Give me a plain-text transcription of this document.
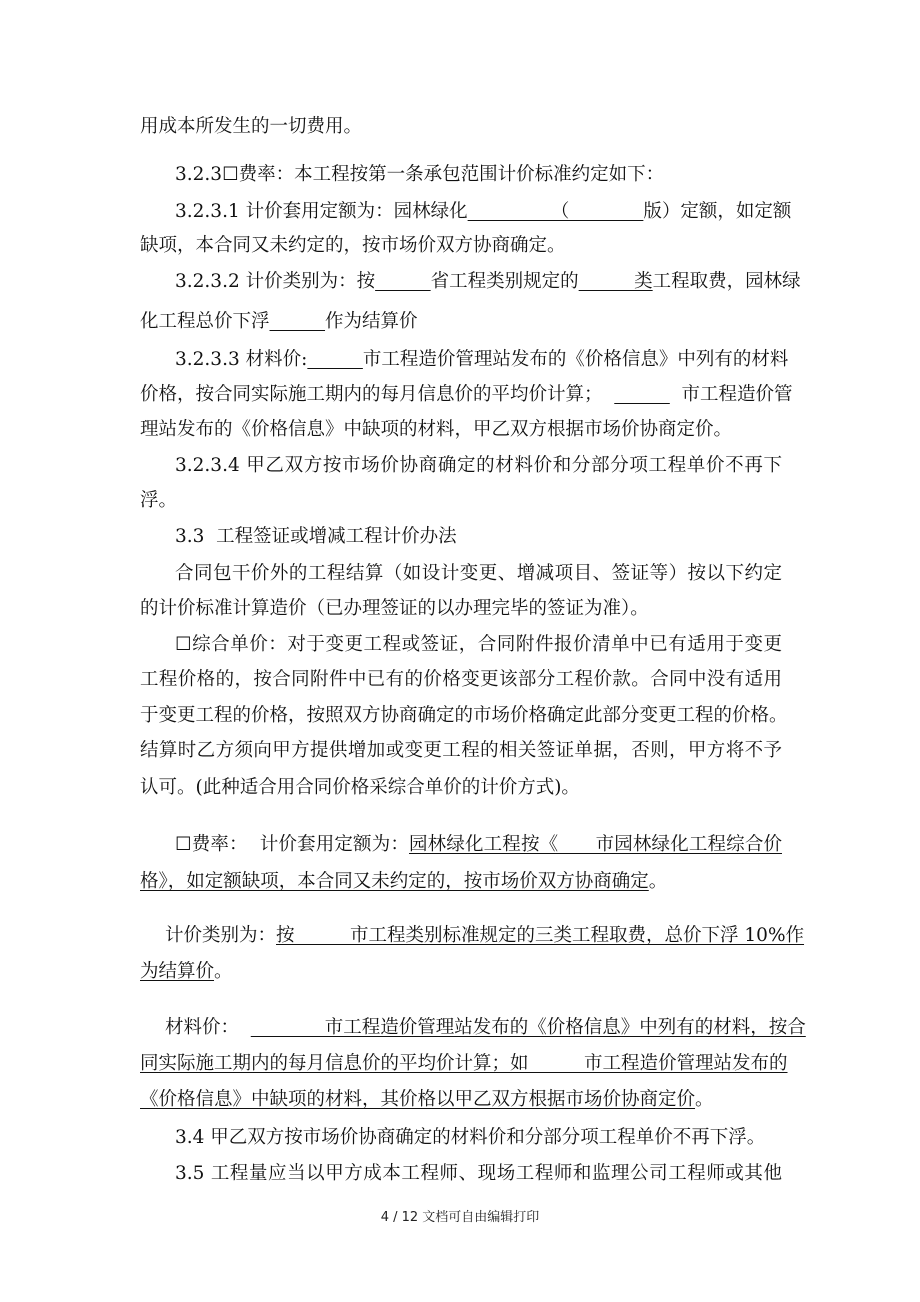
用成本所发生的一切费用。
3.2.3☐费率：本工程按第一条承包范围计价标准约定如下：
3.2.3.1 计价套用定额为：园林绿化　　　　　（　　　　版）定额，如定额
缺项，本合同又未约定的，按市场价双方协商确定。
3.2.3.2 计价类别为：按　　　	省工程类别规定的　　　类工程取费，园林绿
化工程总价下浮　　　	作为结算价
3.2.3.3 材料价:　　　	市工程造价管理站发布的《价格信息》中列有的材料
价格，按合同实际施工期内的每月信息价的平均价计算；  　　　	市工程造价管
理站发布的《价格信息》中缺项的材料，甲乙双方根据市场价协商定价。
3.2.3.4 甲乙双方按市场价协商确定的材料价和分部分项工程单价不再下
浮。
3.3  工程签证或增减工程计价办法
合同包干价外的工程结算（如设计变更、增减项目、签证等）按以下约定
的计价标准计算造价（已办理签证的以办理完毕的签证为准）。
☐综合单价：对于变更工程或签证，合同附件报价清单中已有适用于变更
工程价格的，按合同附件中已有的价格变更该部分工程价款。合同中没有适用
于变更工程的价格，按照双方协商确定的市场价格确定此部分变更工程的价格。
结算时乙方须向甲方提供增加或变更工程的相关签证单据，否则，甲方将不予
认可。(此种适合用合同价格采综合单价的计价方式)。
☐费率：  计价套用定额为：园林绿化工程按《　　市园林绿化工程综合价
格》，如定额缺项，本合同又未约定的，按市场价双方协商确定。
计价类别为：按　　　市工程类别标准规定的三类工程取费，总价下浮 10%作
为结算价。
材料价：  　　　　市工程造价管理站发布的《价格信息》中列有的材料，按合
同实际施工期内的每月信息价的平均价计算；如　　　市工程造价管理站发布的
《价格信息》中缺项的材料，其价格以甲乙双方根据市场价协商定价。
3.4 甲乙双方按市场价协商确定的材料价和分部分项工程单价不再下浮。
3.5 工程量应当以甲方成本工程师、现场工程师和监理公司工程师或其他
4 / 12 文档可自由编辑打印
